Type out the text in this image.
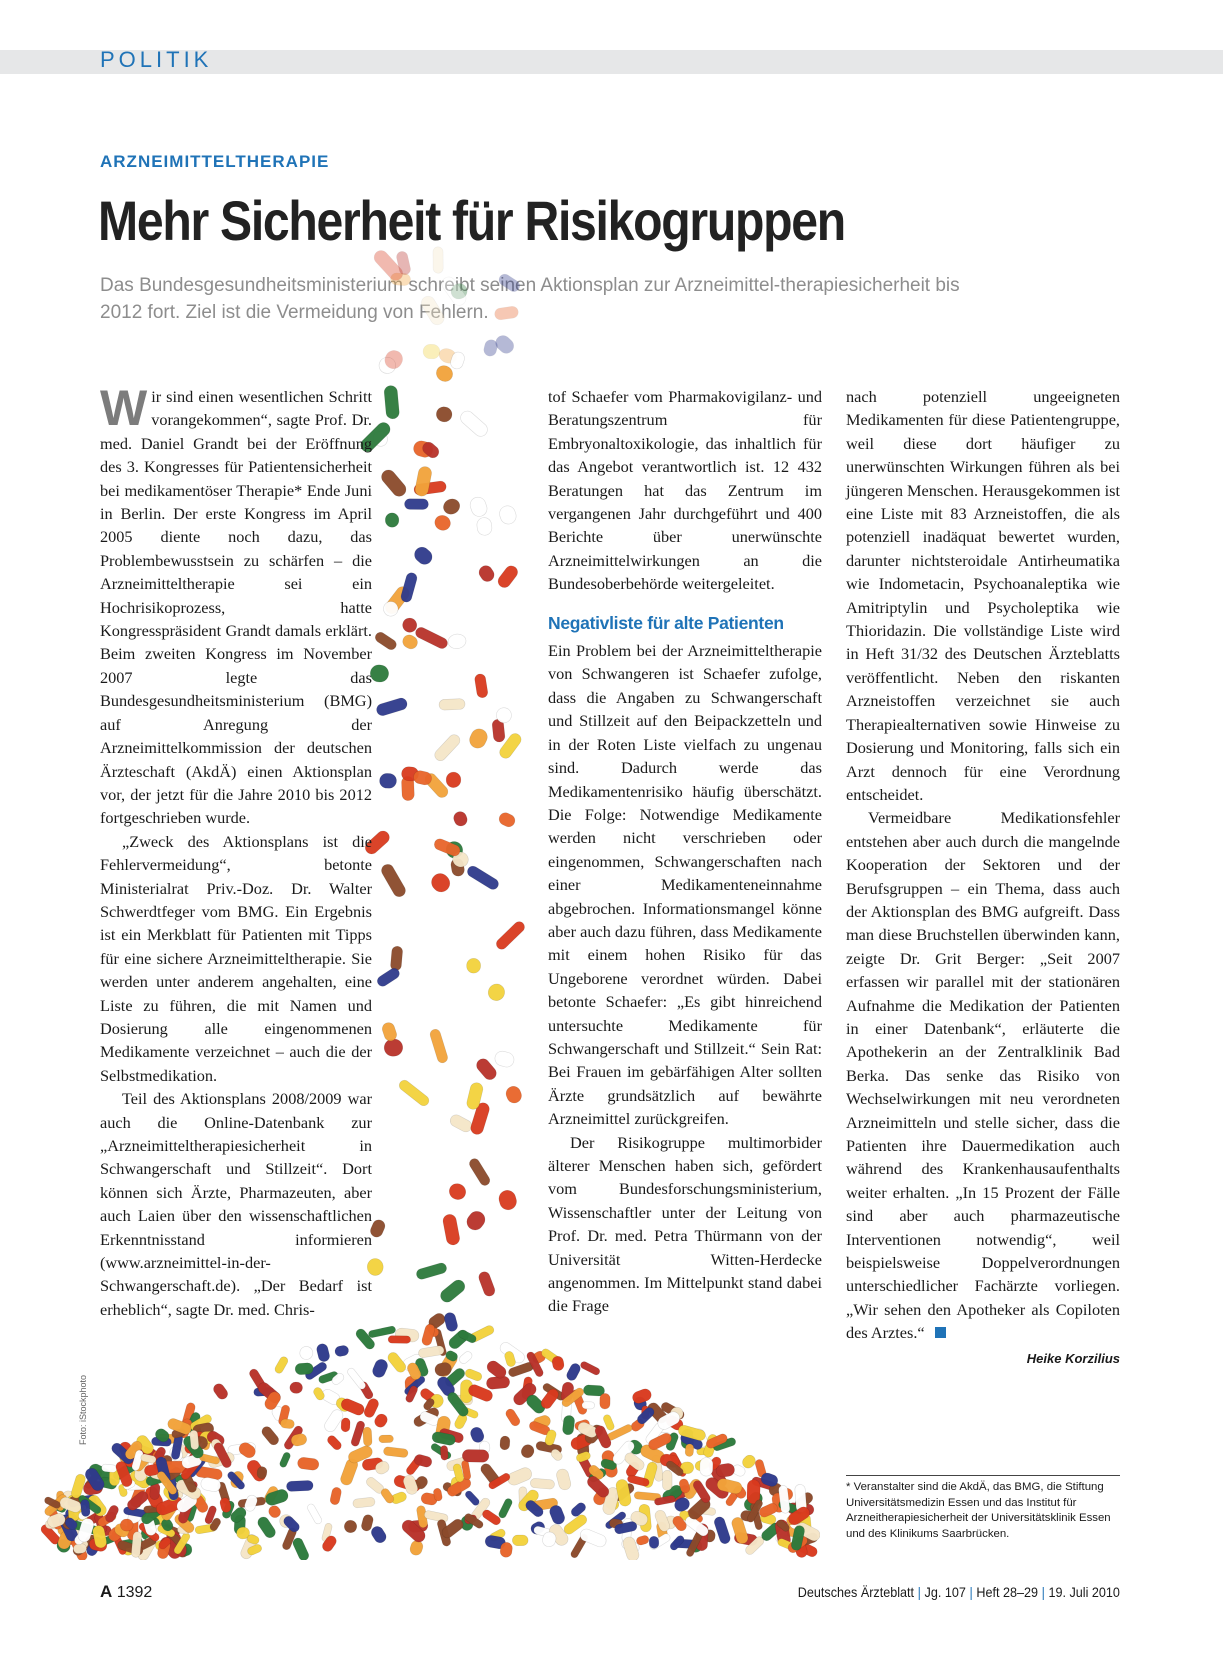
POLITIK
ARZNEIMITTELTHERAPIE
Mehr Sicherheit für Risikogruppen

Das Bundesgesundheitsministerium schreibt seinen Aktionsplan zur Arzneimittel-therapiesicherheit bis 2012 fort. Ziel ist die Vermeidung von Fehlern.

Foto: iStockphoto

Wir sind einen wesentlichen Schritt vorangekommen“, sagte Prof. Dr. med. Daniel Grandt bei der Eröffnung des 3. Kongresses für Patientensicherheit bei medikamentöser Therapie* Ende Juni in Berlin. Der erste Kongress im April 2005 diente noch dazu, das Problembewusstsein zu schärfen – die Arzneimitteltherapie sei ein Hochrisikoprozess, hatte Kongresspräsident Grandt damals erklärt. Beim zweiten Kongress im November 2007 legte das Bundesgesundheitsministerium (BMG) auf Anregung der Arzneimittelkommission der deutschen Ärzteschaft (AkdÄ) einen Aktionsplan vor, der jetzt für die Jahre 2010 bis 2012 fortgeschrieben wurde.

„Zweck des Aktionsplans ist die Fehlervermeidung“, betonte Ministerialrat Priv.-Doz. Dr. Walter Schwerdtfeger vom BMG. Ein Ergebnis ist ein Merkblatt für Patienten mit Tipps für eine sichere Arzneimitteltherapie. Sie werden unter anderem angehalten, eine Liste zu führen, die mit Namen und Dosierung alle eingenommenen Medikamente verzeichnet – auch die der Selbstmedikation.

Teil des Aktionsplans 2008/2009 war auch die Online-Datenbank zur „Arzneimitteltherapiesicherheit in Schwangerschaft und Stillzeit“. Dort können sich Ärzte, Pharmazeuten, aber auch Laien über den wissenschaftlichen Erkenntnisstand informieren (www.arzneimittel-in-der-Schwangerschaft.de). „Der Bedarf ist erheblich“, sagte Dr. med. Chris-

tof Schaefer vom Pharmakovigilanz- und Beratungszentrum für Embryonaltoxikologie, das inhaltlich für das Angebot verantwortlich ist. 12 432 Beratungen hat das Zentrum im vergangenen Jahr durchgeführt und 400 Berichte über unerwünschte Arzneimittelwirkungen an die Bundesoberbehörde weitergeleitet.

Negativliste für alte Patienten

Ein Problem bei der Arzneimitteltherapie von Schwangeren ist Schaefer zufolge, dass die Angaben zu Schwangerschaft und Stillzeit auf den Beipackzetteln und in der Roten Liste vielfach zu ungenau sind. Dadurch werde das Medikamentenrisiko häufig überschätzt. Die Folge: Notwendige Medikamente werden nicht verschrieben oder eingenommen, Schwangerschaften nach einer Medikamenteneinnahme abgebrochen. Informationsmangel könne aber auch dazu führen, dass Medikamente mit einem hohen Risiko für das Ungeborene verordnet würden. Dabei betonte Schaefer: „Es gibt hinreichend untersuchte Medikamente für Schwangerschaft und Stillzeit.“ Sein Rat: Bei Frauen im gebärfähigen Alter sollten Ärzte grundsätzlich auf bewährte Arzneimittel zurückgreifen.

Der Risikogruppe multimorbider älterer Menschen haben sich, gefördert vom Bundesforschungsministerium, Wissenschaftler unter der Leitung von Prof. Dr. med. Petra Thürmann von der Universität Witten-Herdecke angenommen. Im Mittelpunkt stand dabei die Frage

nach potenziell ungeeigneten Medikamenten für diese Patientengruppe, weil diese dort häufiger zu unerwünschten Wirkungen führen als bei jüngeren Menschen. Herausgekommen ist eine Liste mit 83 Arzneistoffen, die als potenziell inadäquat bewertet wurden, darunter nichtsteroidale Antirheumatika wie Indometacin, Psychoanaleptika wie Amitriptylin und Psycholeptika wie Thioridazin. Die vollständige Liste wird in Heft 31/32 des Deutschen Ärzteblatts veröffentlicht. Neben den riskanten Arzneistoffen verzeichnet sie auch Therapiealternativen sowie Hinweise zu Dosierung und Monitoring, falls sich ein Arzt dennoch für eine Verordnung entscheidet.

Vermeidbare Medikationsfehler entstehen aber auch durch die mangelnde Kooperation der Sektoren und der Berufsgruppen – ein Thema, dass auch der Aktionsplan des BMG aufgreift. Dass man diese Bruchstellen überwinden kann, zeigte Dr. Grit Berger: „Seit 2007 erfassen wir parallel mit der stationären Aufnahme die Medikation der Patienten in einer Datenbank“, erläuterte die Apothekerin an der Zentralklinik Bad Berka. Das senke das Risiko von Wechselwirkungen mit neu verordneten Arzneimitteln und stelle sicher, dass die Patienten ihre Dauermedikation auch während des Krankenhausaufenthalts weiter erhalten. „In 15 Prozent der Fälle sind aber auch pharmazeutische Interventionen notwendig“, weil beispielsweise Doppelverordnungen unterschiedlicher Fachärzte vorliegen. „Wir sehen den Apotheker als Copiloten des Arztes.“

Heike Korzilius

* Veranstalter sind die AkdÄ, das BMG, die Stiftung Universitätsmedizin Essen und das Institut für Arzneitherapiesicherheit der Universitätsklinik Essen und des Klinikums Saarbrücken.
A 1392	Deutsches Ärzteblatt | Jg. 107 | Heft 28–29 | 19. Juli 2010
